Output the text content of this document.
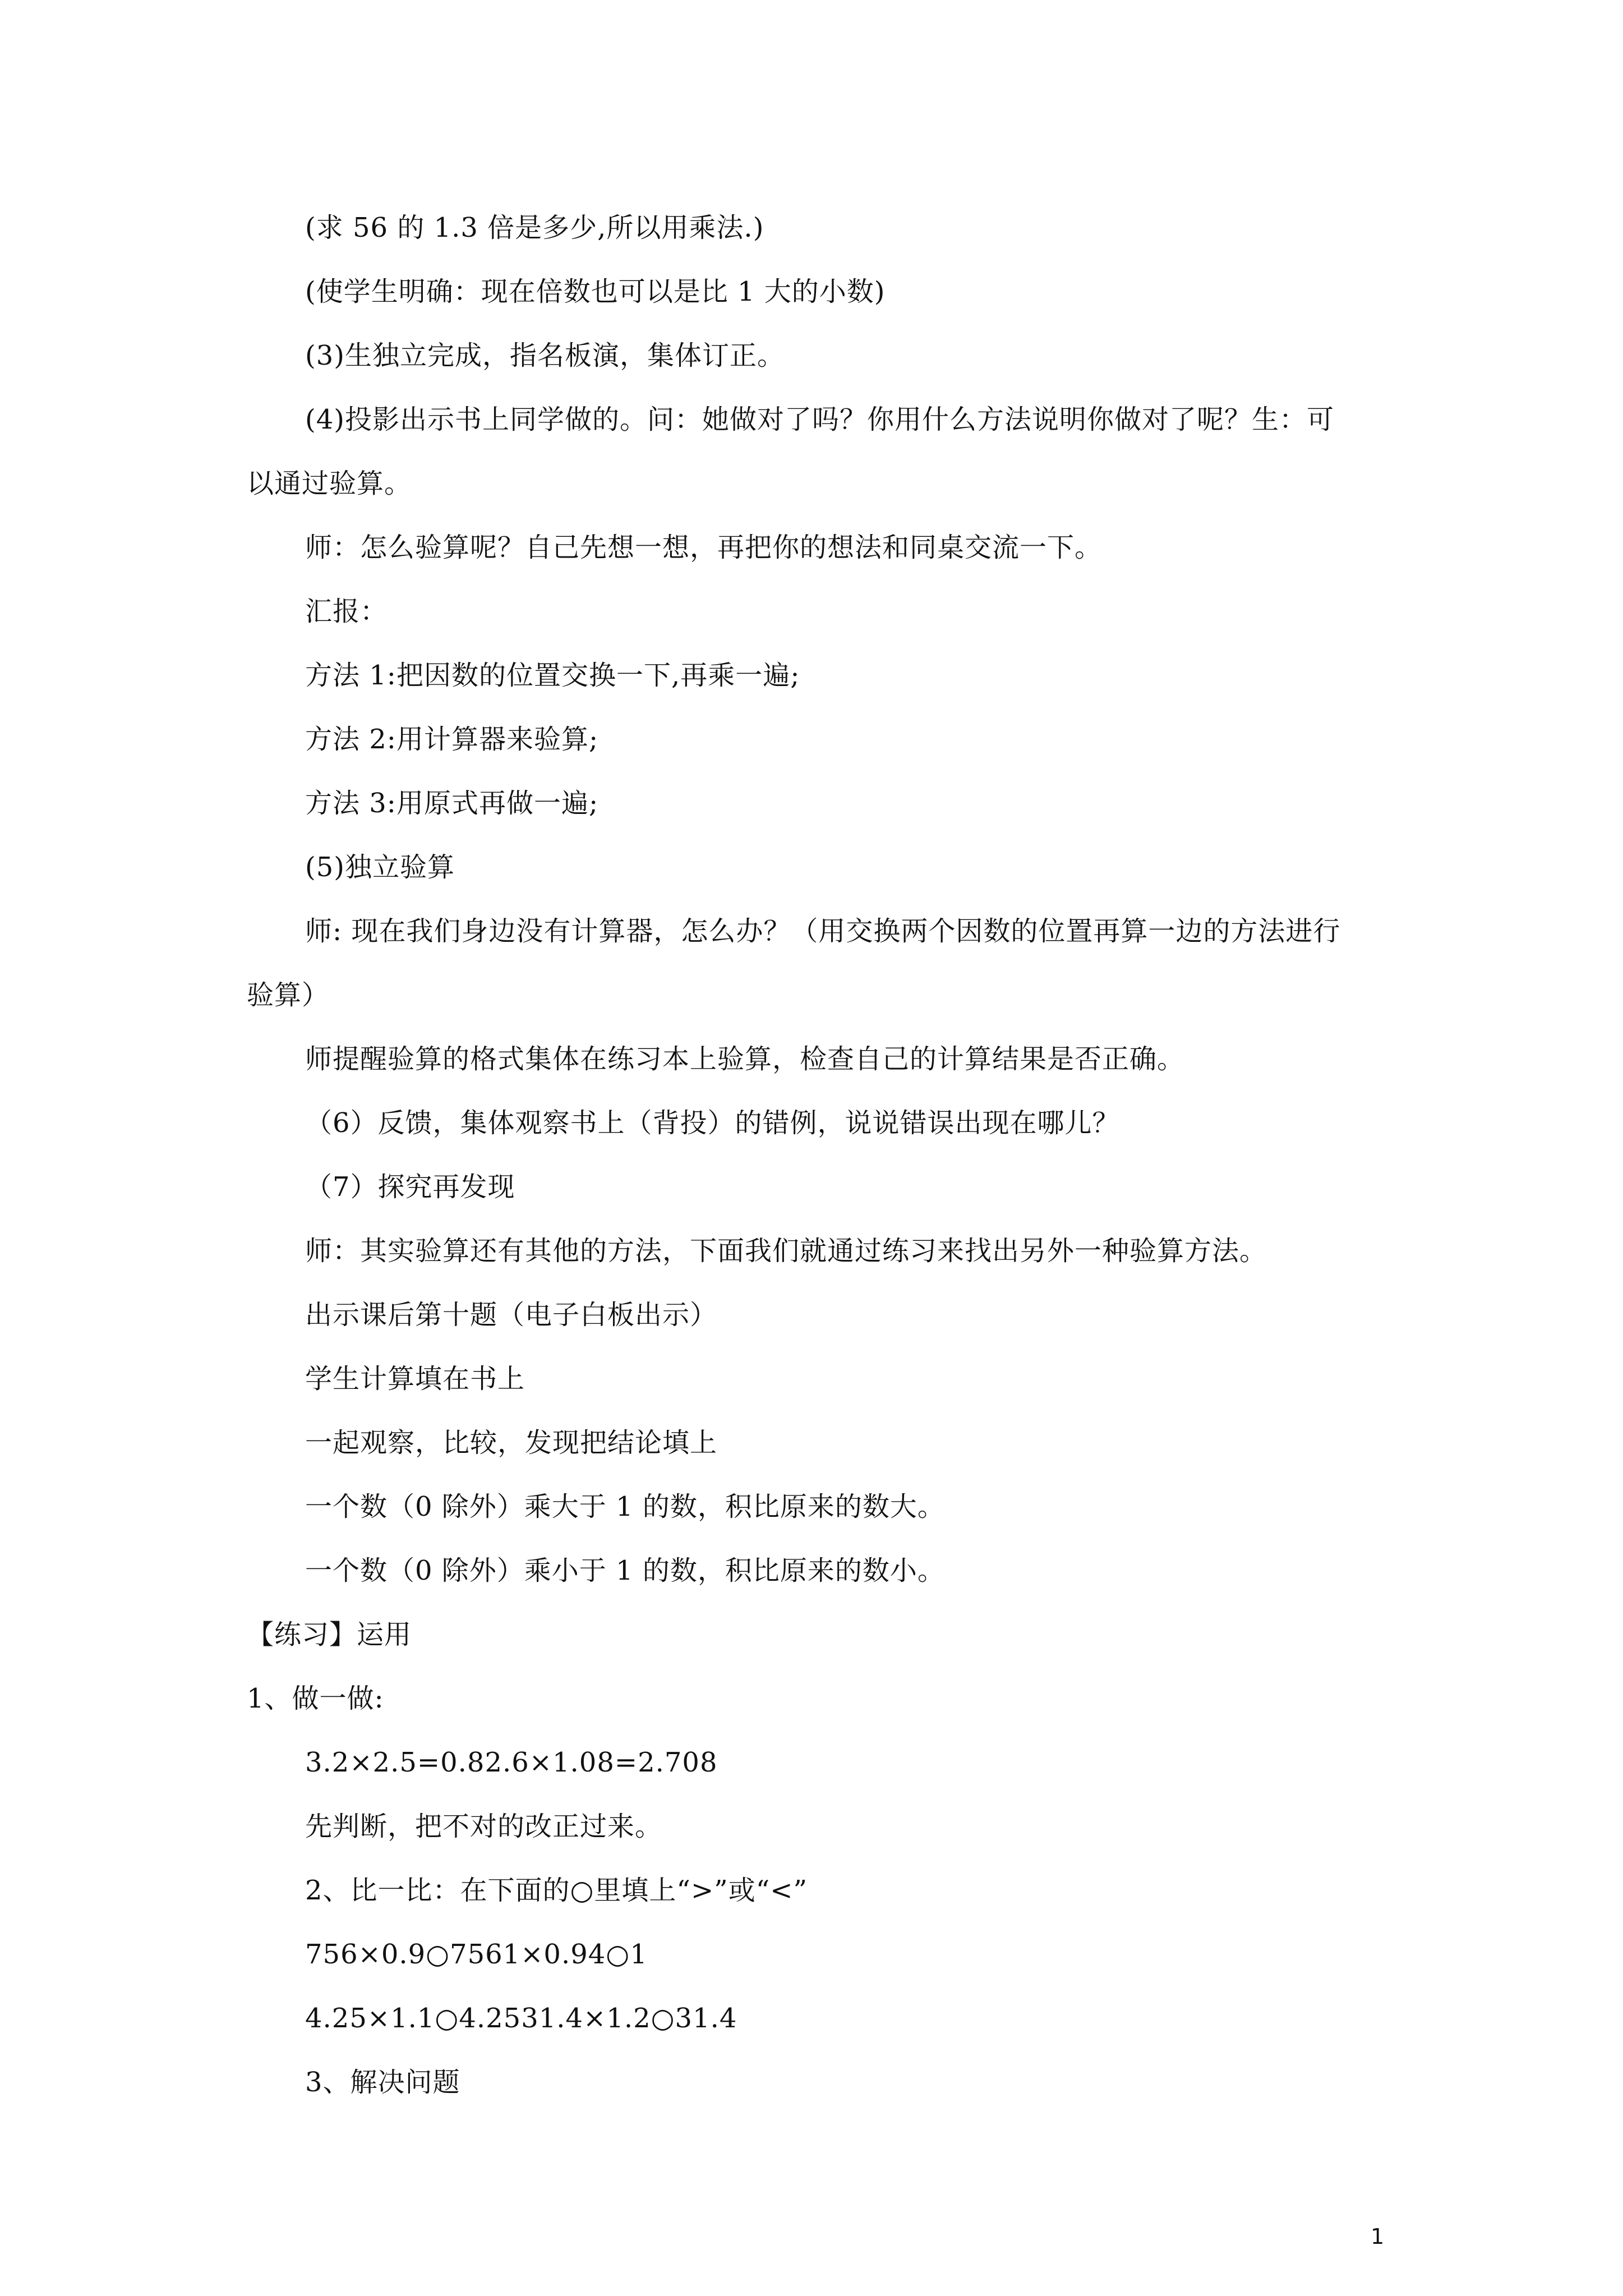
(求 56 的 1.3 倍是多少,所以用乘法.)
(使学生明确：现在倍数也可以是比 1 大的小数)
(3)生独立完成，指名板演，集体订正。
(4)投影出示书上同学做的。问：她做对了吗？你用什么方法说明你做对了呢？生：可
以通过验算。
师：怎么验算呢？自己先想一想，再把你的想法和同桌交流一下。
汇报：
方法 1:把因数的位置交换一下,再乘一遍;
方法 2:用计算器来验算;
方法 3:用原式再做一遍;
(5)独立验算
师: 现在我们身边没有计算器，怎么办？（用交换两个因数的位置再算一边的方法进行
验算）
师提醒验算的格式集体在练习本上验算，检查自己的计算结果是否正确。
（6）反馈，集体观察书上（背投）的错例，说说错误出现在哪儿？
（7）探究再发现
师：其实验算还有其他的方法，下面我们就通过练习来找出另外一种验算方法。
出示课后第十题（电子白板出示）
学生计算填在书上
一起观察，比较，发现把结论填上
一个数（0 除外）乘大于 1 的数，积比原来的数大。
一个数（0 除外）乘小于 1 的数，积比原来的数小。
【练习】运用
1、做一做:
3.2×2.5=0.82.6×1.08=2.708
先判断，把不对的改正过来。
2、比一比：在下面的○里填上“>”或“<”
756×0.9○7561×0.94○1
4.25×1.1○4.2531.4×1.2○31.4
3、解决问题
1
